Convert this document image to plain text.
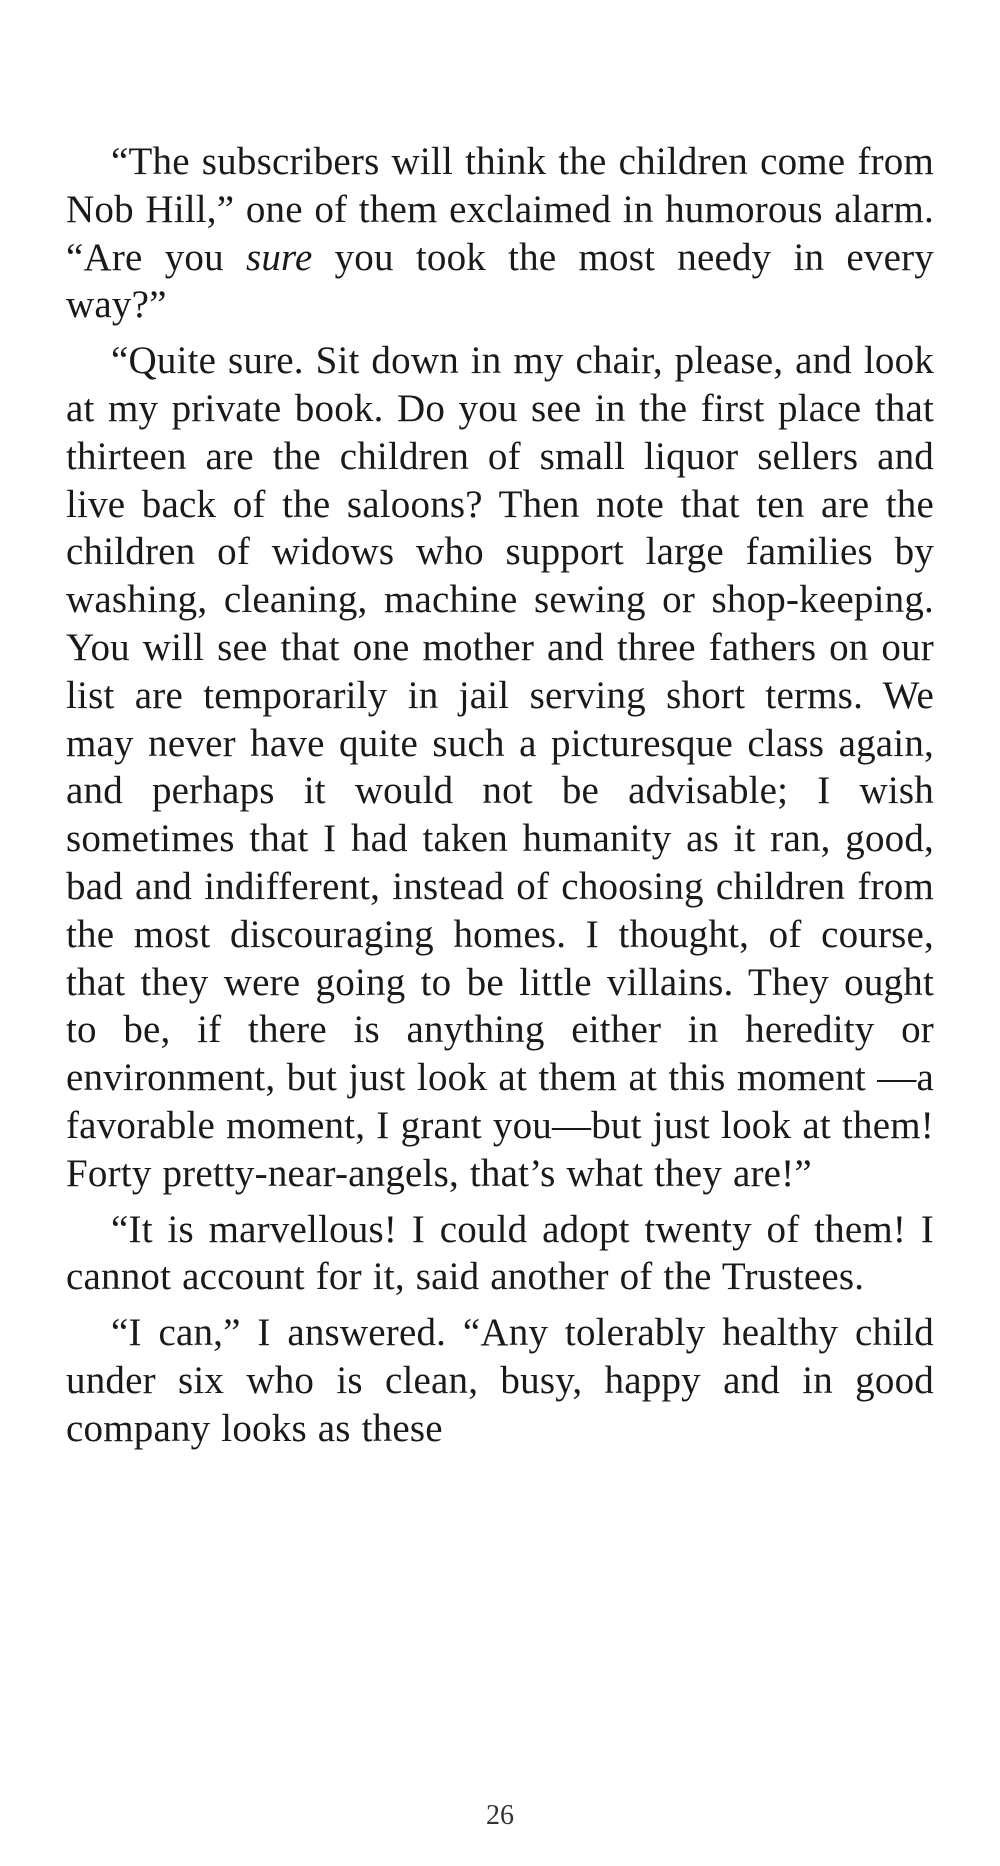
“The subscribers will think the children come from Nob Hill,” one of them exclaimed in humorous alarm. “Are you sure you took the most needy in every way?”

“Quite sure. Sit down in my chair, please, and look at my private book. Do you see in the first place that thirteen are the children of small liquor sellers and live back of the saloons? Then note that ten are the children of widows who support large families by washing, cleaning, machine sewing or shop-keeping. You will see that one mother and three fathers on our list are temporarily in jail serving short terms. We may never have quite such a picturesque class again, and perhaps it would not be advisable; I wish sometimes that I had taken humanity as it ran, good, bad and indifferent, instead of choosing children from the most discouraging homes. I thought, of course, that they were going to be little villains. They ought to be, if there is anything either in heredity or environment, but just look at them at this moment —a favorable moment, I grant you—but just look at them! Forty pretty-near-angels, that’s what they are!”

“It is marvellous! I could adopt twenty of them! I cannot account for it, said another of the Trustees.

“I can,” I answered. “Any tolerably healthy child under six who is clean, busy, happy and in good company looks as these

26
